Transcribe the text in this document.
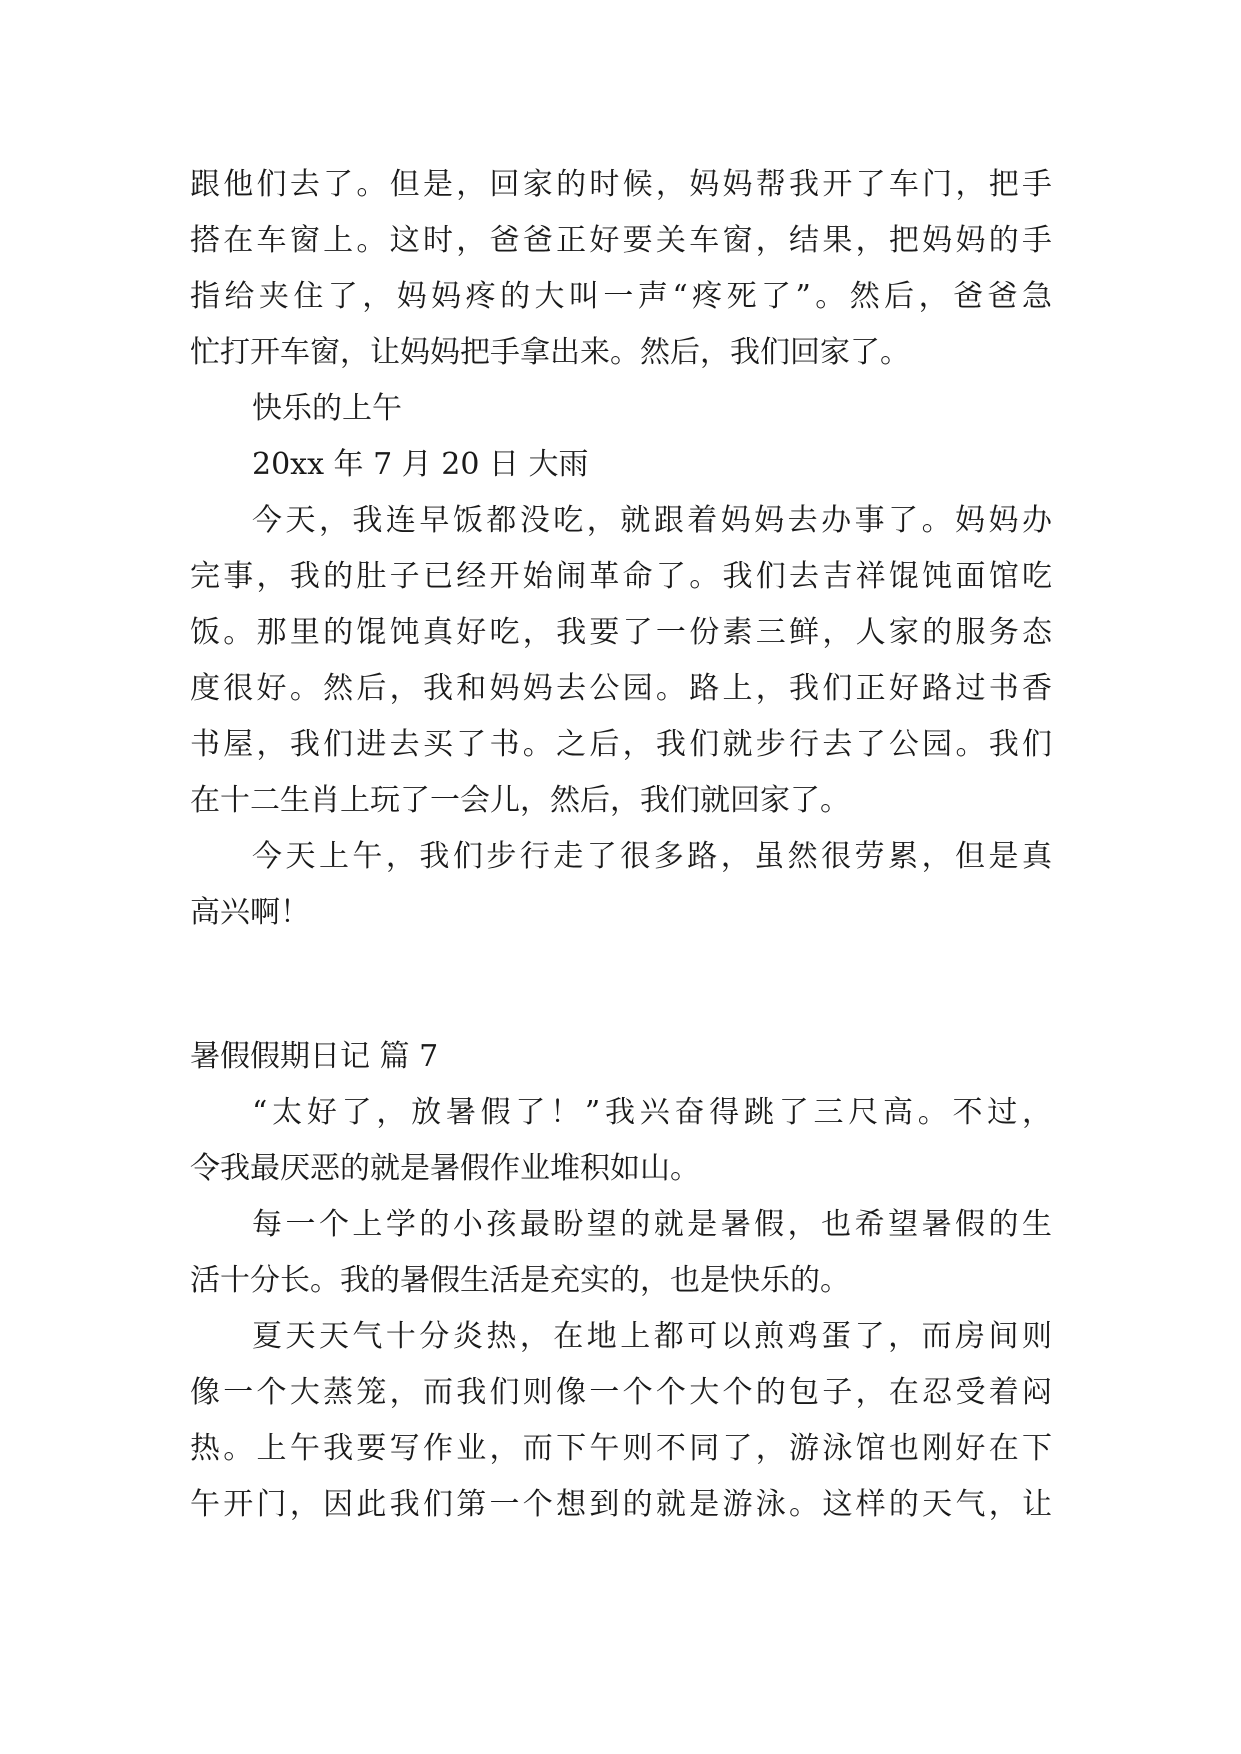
跟他们去了。但是，回家的时候，妈妈帮我开了车门，把手
搭在车窗上。这时，爸爸正好要关车窗，结果，把妈妈的手
指给夹住了，妈妈疼的大叫一声“疼死了”。然后，爸爸急
忙打开车窗，让妈妈把手拿出来。然后，我们回家了。
快乐的上午
20xx 年 7 月 20 日 大雨
今天，我连早饭都没吃，就跟着妈妈去办事了。妈妈办
完事，我的肚子已经开始闹革命了。我们去吉祥馄饨面馆吃
饭。那里的馄饨真好吃，我要了一份素三鲜，人家的服务态
度很好。然后，我和妈妈去公园。路上，我们正好路过书香
书屋，我们进去买了书。之后，我们就步行去了公园。我们
在十二生肖上玩了一会儿，然后，我们就回家了。
今天上午，我们步行走了很多路，虽然很劳累，但是真
高兴啊！
暑假假期日记 篇 7
“太好了，放暑假了！”我兴奋得跳了三尺高。不过，
令我最厌恶的就是暑假作业堆积如山。
每一个上学的小孩最盼望的就是暑假，也希望暑假的生
活十分长。我的暑假生活是充实的，也是快乐的。
夏天天气十分炎热，在地上都可以煎鸡蛋了，而房间则
像一个大蒸笼，而我们则像一个个大个的包子，在忍受着闷
热。上午我要写作业，而下午则不同了，游泳馆也刚好在下
午开门，因此我们第一个想到的就是游泳。这样的天气，让
